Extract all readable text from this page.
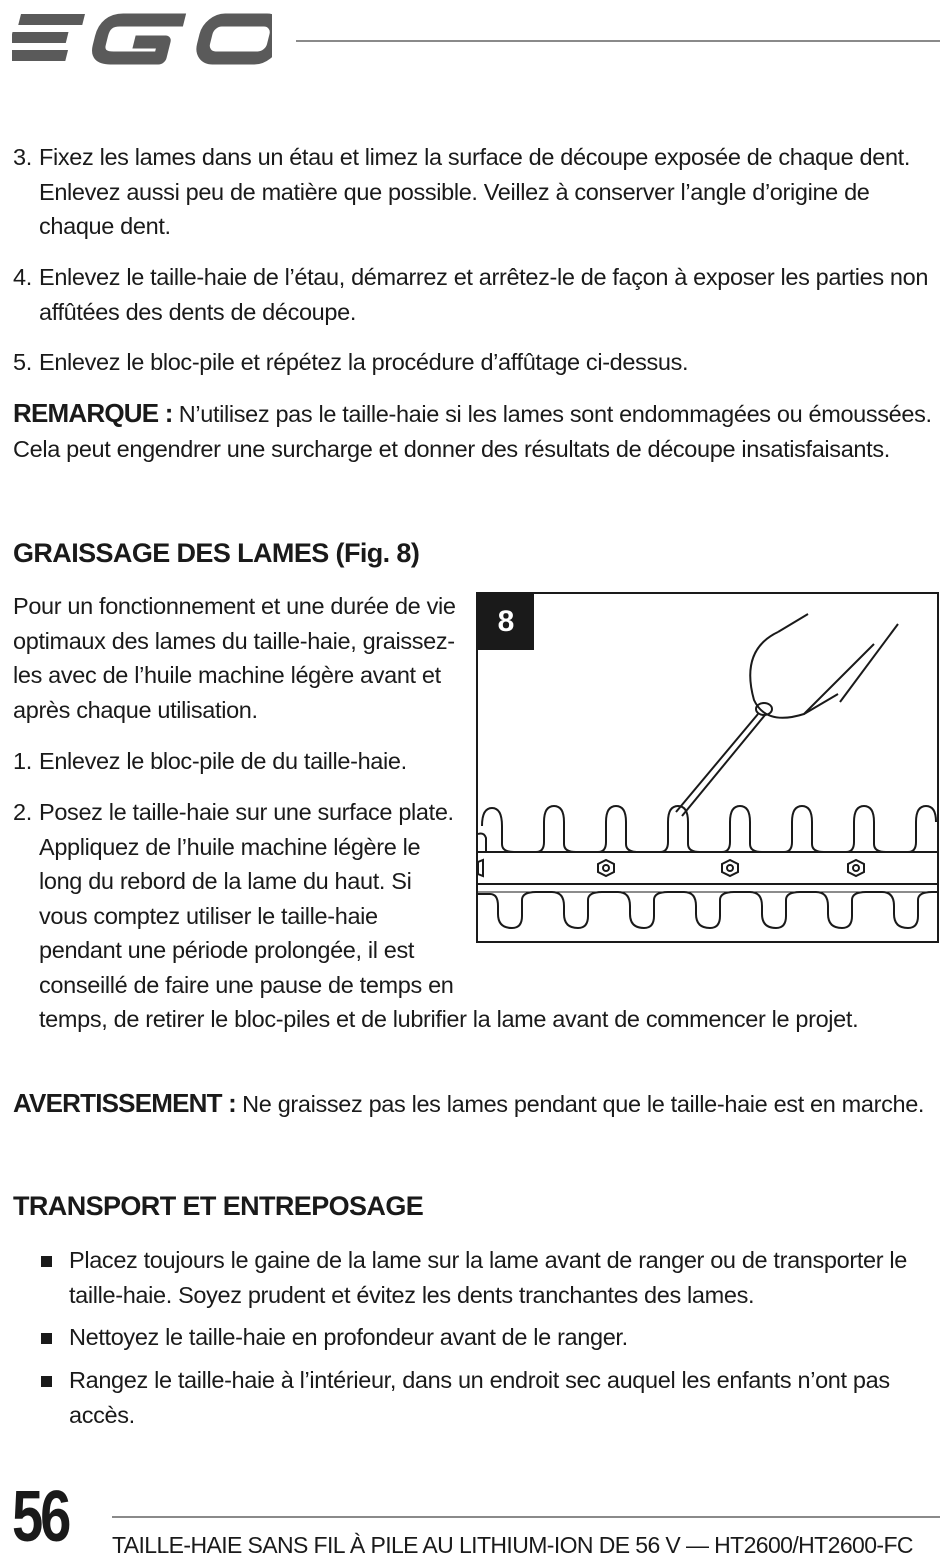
3. Fixez les lames dans un étau et limez la surface de découpe exposée de chaque dent. Enlevez aussi peu de matière que possible. Veillez à conserver l’angle d’origine de chaque dent.
4. Enlevez le taille-haie de l’étau, démarrez et arrêtez-le de façon à exposer les parties non affûtées des dents de découpe.
5. Enlevez le bloc-pile et répétez la procédure d’affûtage ci-dessus.
REMARQUE : N’utilisez pas le taille-haie si les lames sont endommagées ou émoussées. Cela peut engendrer une surcharge et donner des résultats de découpe insatisfaisants.
GRAISSAGE DES LAMES (Fig. 8)
Pour un fonctionnement et une durée de vie optimaux des lames du taille-haie, graissez-les avec de l’huile machine légère avant et après chaque utilisation.
1. Enlevez le bloc-pile de du taille-haie.
2. Posez le taille-haie sur une surface plate. Appliquez de l’huile machine légère le long du rebord de la lame du haut. Si vous comptez utiliser le taille-haie pendant une période prolongée, il est conseillé de faire une pause de temps en temps, de retirer le bloc-piles et de lubrifier la lame avant de commencer le projet.
8
AVERTISSEMENT : Ne graissez pas les lames pendant que le taille-haie est en marche.
TRANSPORT ET ENTREPOSAGE
Placez toujours le gaine de la lame sur la lame avant de ranger ou de transporter le taille-haie. Soyez prudent et évitez les dents tranchantes des lames.
Nettoyez le taille-haie en profondeur avant de le ranger.
Rangez le taille-haie à l’intérieur, dans un endroit sec auquel les enfants n’ont pas accès.
56 TAILLE-HAIE SANS FIL À PILE AU LITHIUM-ION DE 56 V — HT2600/HT2600-FC
